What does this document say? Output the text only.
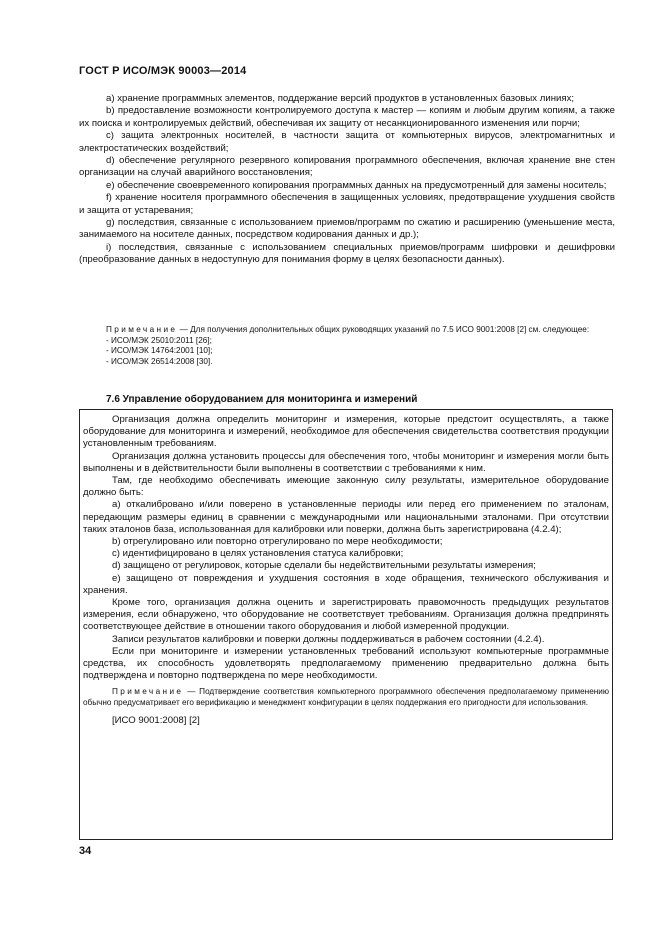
ГОСТ Р ИСО/МЭК 90003—2014

а) хранение программных элементов, поддержание версий продуктов в установленных базовых линиях;

b) предоставление возможности контролируемого доступа к мастер — копиям и любым другим копиям, а также их поиска и контролируемых действий, обеспечивая их защиту от несанкционированного изменения или порчи;

с) защита электронных носителей, в частности защита от компьютерных вирусов, электромагнитных и электростатических воздействий;

d) обеспечение регулярного резервного копирования программного обеспечения, включая хранение вне стен организации на случай аварийного восстановления;

е) обеспечение своевременного копирования программных данных на предусмотренный для замены носитель;

f) хранение носителя программного обеспечения в защищенных условиях, предотвращение ухудшения свойств и защита от устаревания;

g) последствия, связанные с использованием приемов/программ по сжатию и расширению (уменьшение места, занимаемого на носителе данных, посредством кодирования данных и др.);

i) последствия, связанные с использованием специальных приемов/программ шифровки и дешифровки (преобразование данных в недоступную для понимания форму в целях безопасности данных).

Примечание — Для получения дополнительных общих руководящих указаний по 7.5 ИСО 9001:2008 [2] см. следующее:

- ИСО/МЭК 25010:2011 [26];
- ИСО/МЭК 14764:2001 [10];
- ИСО/МЭК 26514:2008 [30].
7.6 Управление оборудованием для мониторинга и измерений

Организация должна определить мониторинг и измерения, которые предстоит осуществлять, а также оборудование для мониторинга и измерений, необходимое для обеспечения свидетельства соответствия продукции установленным требованиям.

Организация должна установить процессы для обеспечения того, чтобы мониторинг и измерения могли быть выполнены и в действительности были выполнены в соответствии с требованиями к ним.

Там, где необходимо обеспечивать имеющие законную силу результаты, измерительное оборудование должно быть:

а) откалибровано и/или поверено в установленные периоды или перед его применением по эталонам, передающим размеры единиц в сравнении с международными или национальными эталонами. При отсутствии таких эталонов база, использованная для калибровки или поверки, должна быть зарегистрирована (4.2.4);

b) отрегулировано или повторно отрегулировано по мере необходимости;

с) идентифицировано в целях установления статуса калибровки;

d) защищено от регулировок, которые сделали бы недействительными результаты измерения;

е) защищено от повреждения и ухудшения состояния в ходе обращения, технического обслуживания и хранения.

Кроме того, организация должна оценить и зарегистрировать правомочность предыдущих результатов измерения, если обнаружено, что оборудование не соответствует требованиям. Организация должна предпринять соответствующее действие в отношении такого оборудования и любой измеренной продукции.

Записи результатов калибровки и поверки должны поддерживаться в рабочем состоянии (4.2.4).

Если при мониторинге и измерении установленных требований используют компьютерные программные средства, их способность удовлетворять предполагаемому применению предварительно должна быть подтверждена и повторно подтверждена по мере необходимости.

Примечание — Подтверждение соответствия компьютерного программного обеспечения предполагаемому применению обычно предусматривает его верификацию и менеджмент конфигурации в целях поддержания его пригодности для использования.

[ИСО 9001:2008] [2]

34
